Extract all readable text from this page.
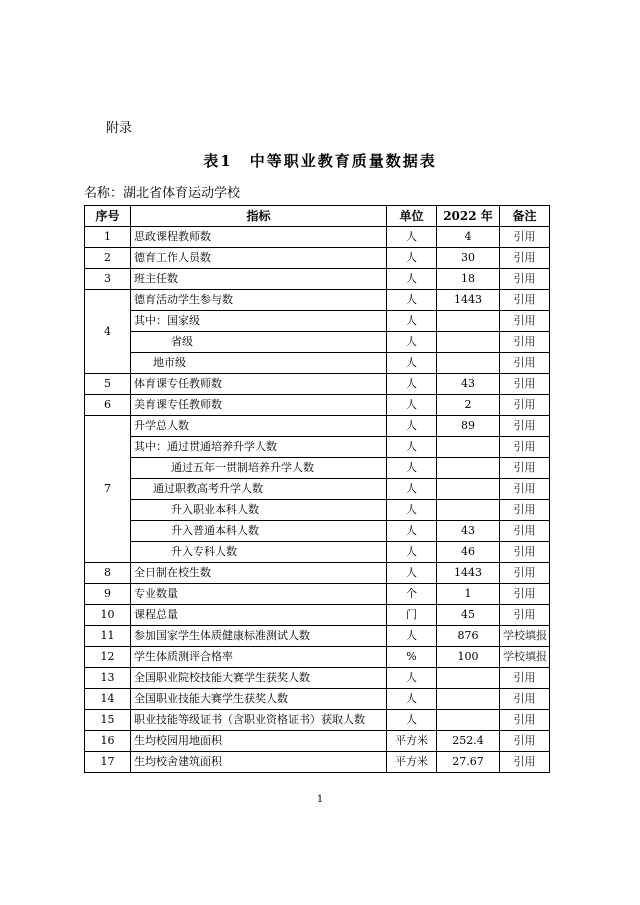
附录
表1　中等职业教育质量数据表
名称：湖北省体育运动学校
序号	指标	单位	2022 年	备注
1	思政课程教师数	人	4	引用
2	德育工作人员数	人	30	引用
3	班主任数	人	18	引用
4	德育活动学生参与数	人	1443	引用
	其中：国家级	人		引用
	省级	人		引用
	地市级	人		引用
5	体育课专任教师数	人	43	引用
6	美育课专任教师数	人	2	引用
7	升学总人数	人	89	引用
	其中：通过贯通培养升学人数	人		引用
	通过五年一贯制培养升学人数	人		引用
	通过职教高考升学人数	人		引用
	升入职业本科人数	人		引用
	升入普通本科人数	人	43	引用
	升入专科人数	人	46	引用
8	全日制在校生数	人	1443	引用
9	专业数量	个	1	引用
10	课程总量	门	45	引用
11	参加国家学生体质健康标准测试人数	人	876	学校填报
12	学生体质测评合格率	%	100	学校填报
13	全国职业院校技能大赛学生获奖人数	人		引用
14	全国职业技能大赛学生获奖人数	人		引用
15	职业技能等级证书（含职业资格证书）获取人数	人		引用
16	生均校园用地面积	平方米	252.4	引用
17	生均校舍建筑面积	平方米	27.67	引用
1
